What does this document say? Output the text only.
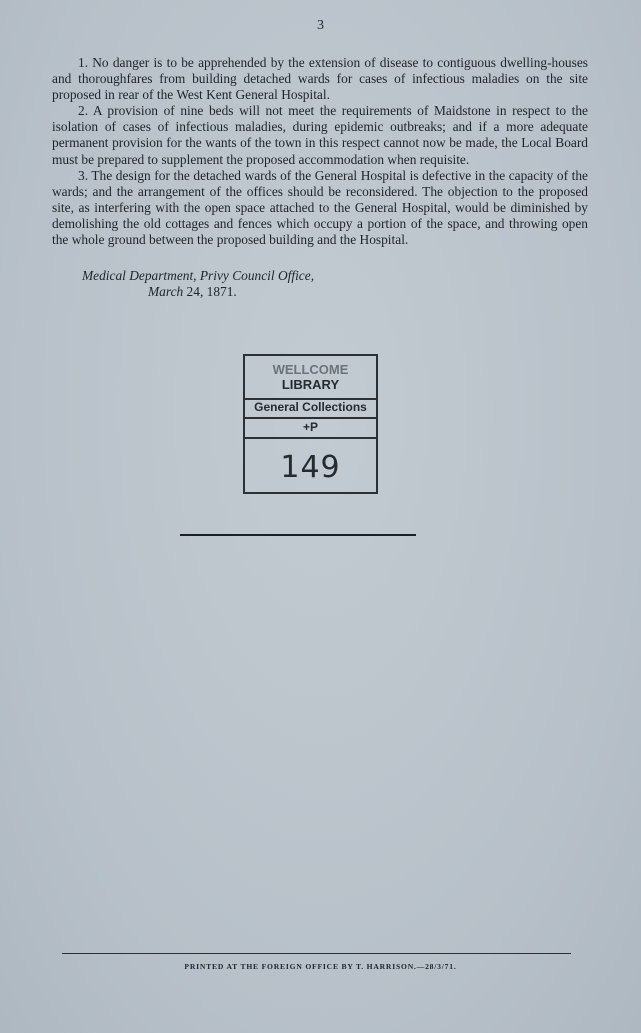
3

1. No danger is to be apprehended by the extension of disease to contiguous dwelling-houses and thoroughfares from building detached wards for cases of infectious maladies on the site proposed in rear of the West Kent General Hospital.

2. A provision of nine beds will not meet the requirements of Maidstone in respect to the isolation of cases of infectious maladies, during epidemic outbreaks; and if a more adequate permanent provision for the wants of the town in this respect cannot now be made, the Local Board must be prepared to supplement the proposed accommodation when requisite.

3. The design for the detached wards of the General Hospital is defective in the capacity of the wards; and the arrangement of the offices should be reconsidered. The objection to the proposed site, as interfering with the open space attached to the General Hospital, would be diminished by demolishing the old cottages and fences which occupy a portion of the space, and throwing open the whole ground between the proposed building and the Hospital.

Medical Department, Privy Council Office,
March 24, 1871.
WELLCOME
LIBRARY
General Collections
+P
149
PRINTED AT THE FOREIGN OFFICE BY T. HARRISON.—28/3/71.
